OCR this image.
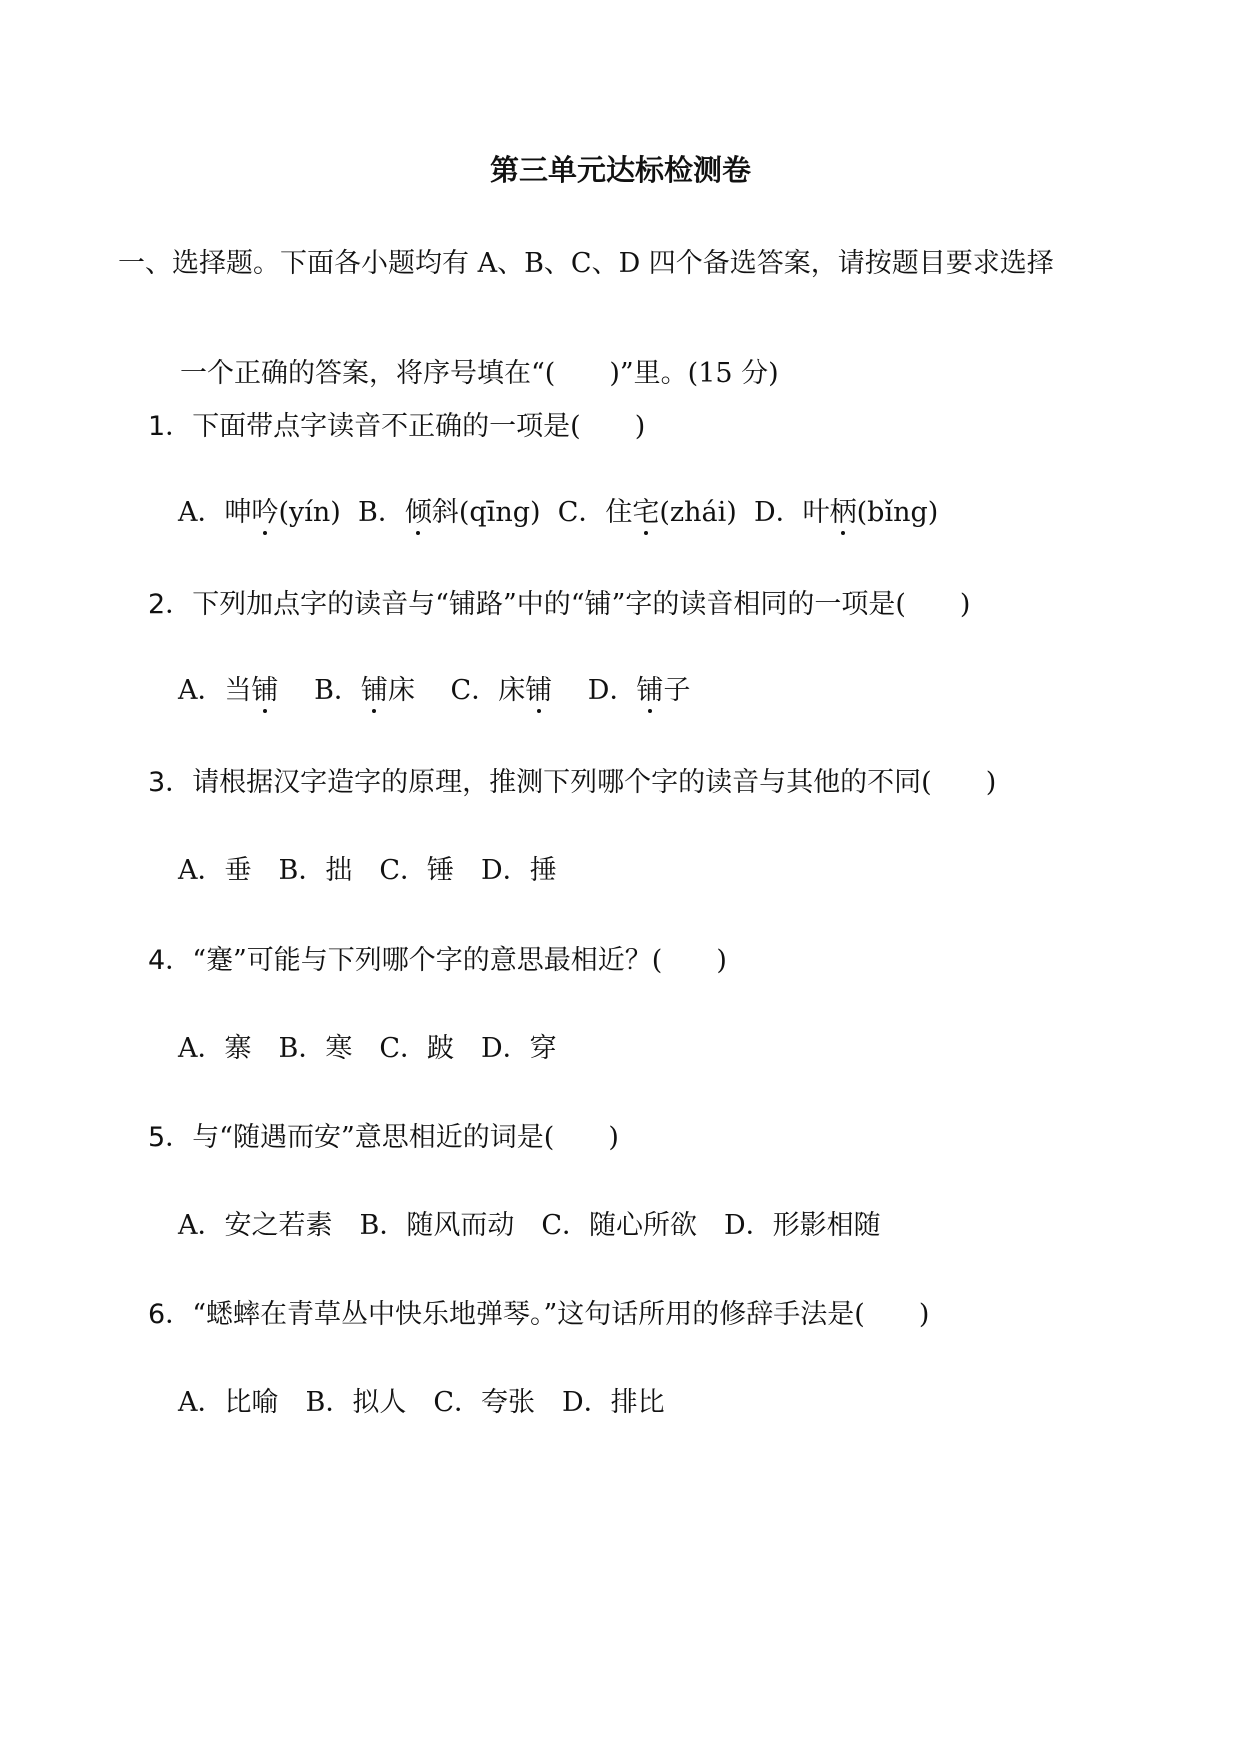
第三单元达标检测卷
一、选择题。下面各小题均有 A、B、C、D 四个备选答案，请按题目要求选择
一个正确的答案，将序号填在“(　　)”里。(15 分)
1．下面带点字读音不正确的一项是(　　)
A．呻吟(yín) B．倾斜(qīng) C．住宅(zhái) D．叶柄(bǐng)
2．下列加点字的读音与“铺路”中的“铺”字的读音相同的一项是(　　)
A．当铺  B．铺床  C．床铺  D．铺子
3．请根据汉字造字的原理，推测下列哪个字的读音与其他的不同(　　)
A．垂　B．拙　C．锤　D．捶
4．“蹇”可能与下列哪个字的意思最相近？(　　)
A．寨　B．寒　C．跛　D．穿
5．与“随遇而安”意思相近的词是(　　)
A．安之若素　B．随风而动　C．随心所欲　D．形影相随
6．“蟋蟀在青草丛中快乐地弹琴。”这句话所用的修辞手法是(　　)
A．比喻　B．拟人　C．夸张　D．排比
